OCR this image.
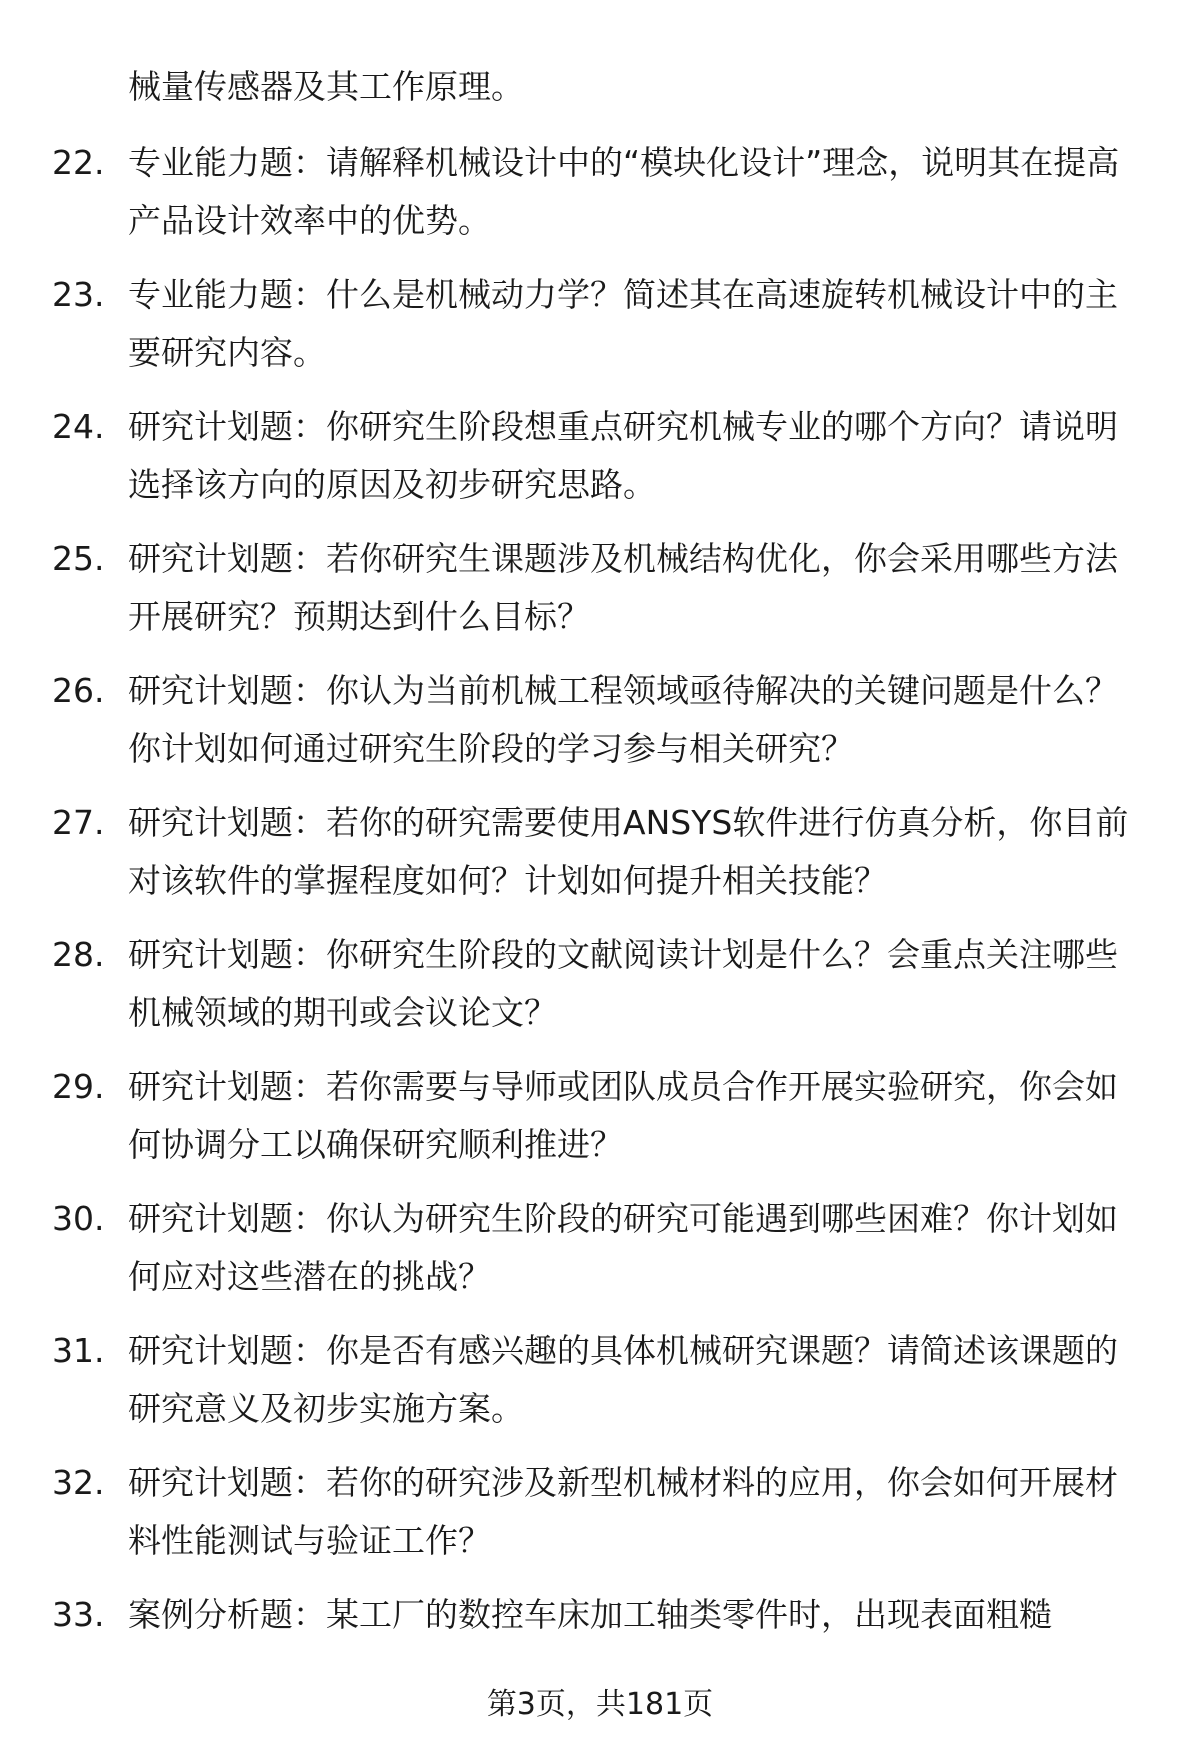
械量传感器及其工作原理。
22. 专业能力题：请解释机械设计中的“模块化设计”理念，说明其在提高产品设计效率中的优势。
23. 专业能力题：什么是机械动力学？简述其在高速旋转机械设计中的主要研究内容。
24. 研究计划题：你研究生阶段想重点研究机械专业的哪个方向？请说明选择该方向的原因及初步研究思路。
25. 研究计划题：若你研究生课题涉及机械结构优化，你会采用哪些方法开展研究？预期达到什么目标？
26. 研究计划题：你认为当前机械工程领域亟待解决的关键问题是什么？你计划如何通过研究生阶段的学习参与相关研究？
27. 研究计划题：若你的研究需要使用ANSYS软件进行仿真分析，你目前对该软件的掌握程度如何？计划如何提升相关技能？
28. 研究计划题：你研究生阶段的文献阅读计划是什么？会重点关注哪些机械领域的期刊或会议论文？
29. 研究计划题：若你需要与导师或团队成员合作开展实验研究，你会如何协调分工以确保研究顺利推进？
30. 研究计划题：你认为研究生阶段的研究可能遇到哪些困难？你计划如何应对这些潜在的挑战？
31. 研究计划题：你是否有感兴趣的具体机械研究课题？请简述该课题的研究意义及初步实施方案。
32. 研究计划题：若你的研究涉及新型机械材料的应用，你会如何开展材料性能测试与验证工作？
33. 案例分析题：某工厂的数控车床加工轴类零件时，出现表面粗糙
第3页，共181页
